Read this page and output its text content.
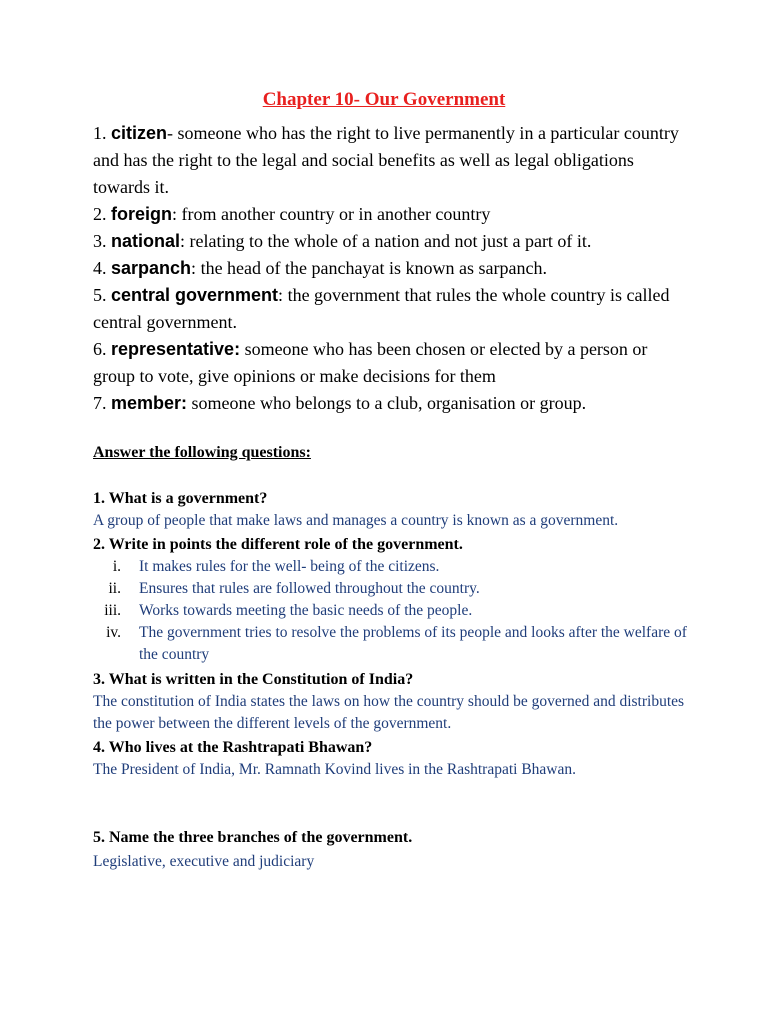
Chapter 10- Our Government

1. citizen- someone who has the right to live permanently in a particular country and has the right to the legal and social benefits as well as legal obligations towards it.

2. foreign: from another country or in another country

3. national: relating to the whole of a nation and not just a part of it.

4. sarpanch: the head of the panchayat is known as sarpanch.

5. central government: the government that rules the whole country is called central government.

6. representative: someone who has been chosen or elected by a person or group to vote, give opinions or make decisions for them

7. member: someone who belongs to a club, organisation or group.

Answer the following questions:

1. What is a government?

A group of people that make laws and manages a country is known as a government.

2. Write in points the different role of the government.

i. It makes rules for the well- being of the citizens.
ii. Ensures that rules are followed throughout the country.
iii. Works towards meeting the basic needs of the people.
iv. The government tries to resolve the problems of its people and looks after the welfare of the country

3. What is written in the Constitution of India?

The constitution of India states the laws on how the country should be governed and distributes the power between the different levels of the government.

4. Who lives at the Rashtrapati Bhawan?

The President of India, Mr. Ramnath Kovind lives in the Rashtrapati Bhawan.

5. Name the three branches of the government.

Legislative, executive and judiciary
